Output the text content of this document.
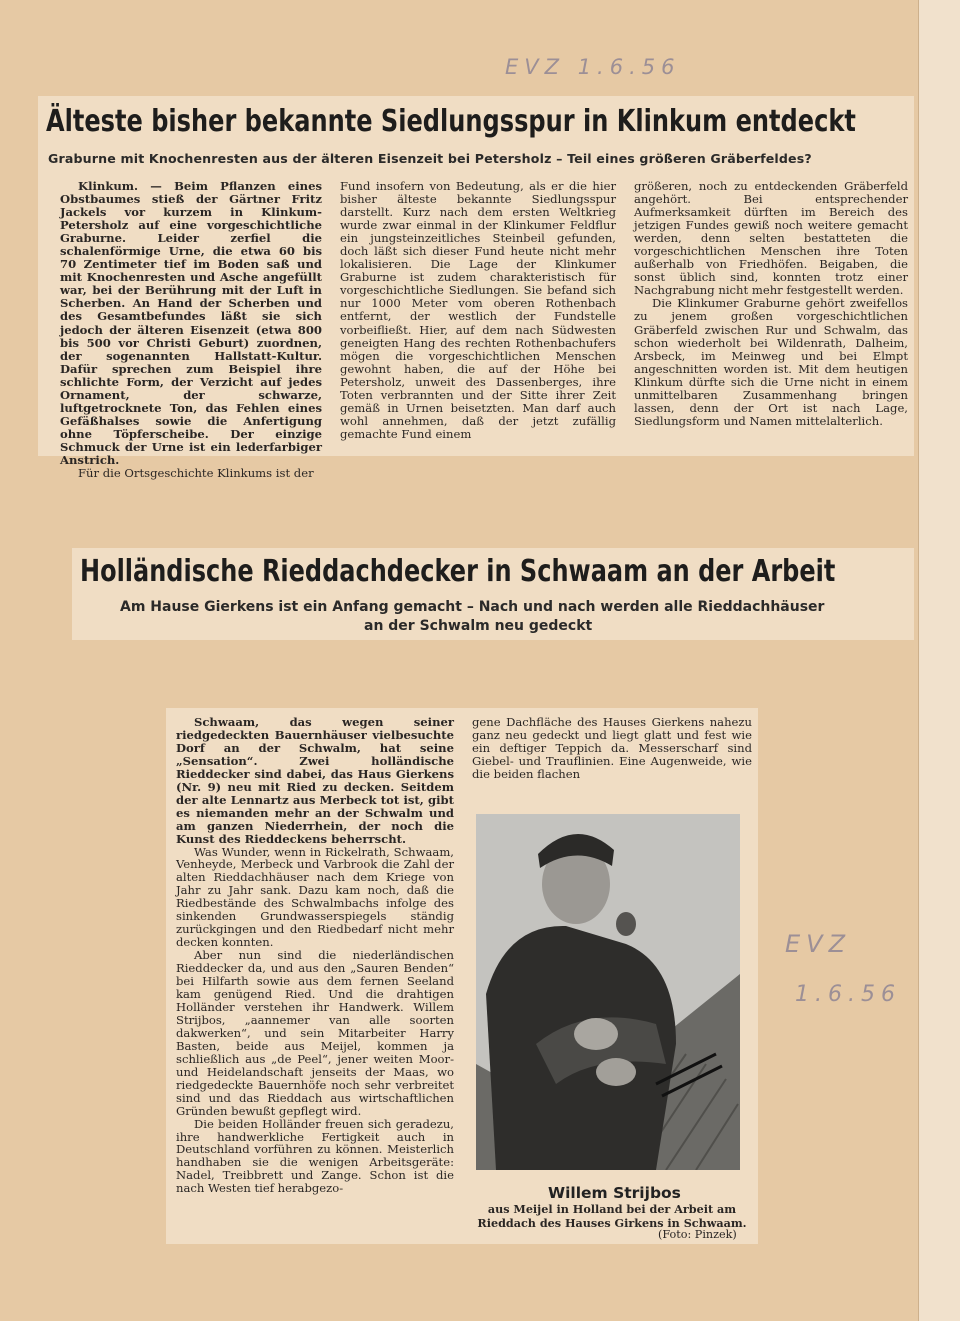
EVZ 1.6.56
EVZ
1.6.56
Älteste bisher bekannte Siedlungsspur in Klinkum entdeckt
Graburne mit Knochenresten aus der älteren Eisenzeit bei Petersholz – Teil eines größeren Gräberfeldes?

Klinkum. — Beim Pflanzen eines Obstbaumes stieß der Gärtner Fritz Jackels vor kurzem in Klinkum-Petersholz auf eine vorgeschichtliche Graburne. Leider zerfiel die schalenförmige Urne, die etwa 60 bis 70 Zentimeter tief im Boden saß und mit Knochenresten und Asche angefüllt war, bei der Berührung mit der Luft in Scherben. An Hand der Scherben und des Gesamtbefundes läßt sie sich jedoch der älteren Eisenzeit (etwa 800 bis 500 vor Christi Geburt) zuordnen, der sogenannten Hallstatt-Kultur. Dafür sprechen zum Beispiel ihre schlichte Form, der Verzicht auf jedes Ornament, der schwarze, luftgetrocknete Ton, das Fehlen eines Gefäßhalses sowie die Anfertigung ohne Töpferscheibe. Der einzige Schmuck der Urne ist ein lederfarbiger Anstrich.

Für die Ortsgeschichte Klinkums ist der

Fund insofern von Bedeutung, als er die hier bisher älteste bekannte Siedlungsspur darstellt. Kurz nach dem ersten Weltkrieg wurde zwar einmal in der Klinkumer Feldflur ein jungsteinzeitliches Steinbeil gefunden, doch läßt sich dieser Fund heute nicht mehr lokalisieren. Die Lage der Klinkumer Graburne ist zudem charakteristisch für vorgeschichtliche Siedlungen. Sie befand sich nur 1000 Meter vom oberen Rothenbach entfernt, der westlich der Fundstelle vorbeifließt. Hier, auf dem nach Südwesten geneigten Hang des rechten Rothenbachufers mögen die vorgeschichtlichen Menschen gewohnt haben, die auf der Höhe bei Petersholz, unweit des Dassenberges, ihre Toten verbrannten und der Sitte ihrer Zeit gemäß in Urnen beisetzten. Man darf auch wohl annehmen, daß der jetzt zufällig gemachte Fund einem

größeren, noch zu entdeckenden Gräberfeld angehört. Bei entsprechender Aufmerksamkeit dürften im Bereich des jetzigen Fundes gewiß noch weitere gemacht werden, denn selten bestatteten die vorgeschichtlichen Menschen ihre Toten außerhalb von Friedhöfen. Beigaben, die sonst üblich sind, konnten trotz einer Nachgrabung nicht mehr festgestellt werden.

Die Klinkumer Graburne gehört zweifellos zu jenem großen vorgeschichtlichen Gräberfeld zwischen Rur und Schwalm, das schon wiederholt bei Wildenrath, Dalheim, Arsbeck, im Meinweg und bei Elmpt angeschnitten worden ist. Mit dem heutigen Klinkum dürfte sich die Urne nicht in einem unmittelbaren Zusammenhang bringen lassen, denn der Ort ist nach Lage, Siedlungsform und Namen mittelalterlich.

Holländische Rieddachdecker in Schwaam an der Arbeit
Am Hause Gierkens ist ein Anfang gemacht – Nach und nach werden alle Rieddachhäuser
an der Schwalm neu gedeckt

Schwaam, das wegen seiner riedgedeckten Bauernhäuser vielbesuchte Dorf an der Schwalm, hat seine „Sensation“. Zwei holländische Rieddecker sind dabei, das Haus Gierkens (Nr. 9) neu mit Ried zu decken. Seitdem der alte Lennartz aus Merbeck tot ist, gibt es niemanden mehr an der Schwalm und am ganzen Niederrhein, der noch die Kunst des Rieddeckens beherrscht.

Was Wunder, wenn in Rickelrath, Schwaam, Venheyde, Merbeck und Varbrook die Zahl der alten Rieddachhäuser nach dem Kriege von Jahr zu Jahr sank. Dazu kam noch, daß die Riedbestände des Schwalmbachs infolge des sinkenden Grundwasserspiegels ständig zurückgingen und den Riedbedarf nicht mehr decken konnten.

Aber nun sind die niederländischen Rieddecker da, und aus den „Sauren Benden“ bei Hilfarth sowie aus dem fernen Seeland kam genügend Ried. Und die drahtigen Holländer verstehen ihr Handwerk. Willem Strijbos, „aannemer van alle soorten dakwerken“, und sein Mitarbeiter Harry Basten, beide aus Meijel, kommen ja schließlich aus „de Peel“, jener weiten Moor- und Heidelandschaft jenseits der Maas, wo riedgedeckte Bauernhöfe noch sehr verbreitet sind und das Rieddach aus wirtschaftlichen Gründen bewußt gepflegt wird.

Die beiden Holländer freuen sich geradezu, ihre handwerkliche Fertigkeit auch in Deutschland vorführen zu können. Meisterlich handhaben sie die wenigen Arbeitsgeräte: Nadel, Treibbrett und Zange. Schon ist die nach Westen tief herabgezo-

gene Dachfläche des Hauses Gierkens nahezu ganz neu gedeckt und liegt glatt und fest wie ein deftiger Teppich da. Messerscharf sind Giebel- und Trauflinien. Eine Augenweide, wie die beiden flachen

Willem Strijbos
aus Meijel in Holland bei der Arbeit am Rieddach des Hauses Girkens in Schwaam.
(Foto: Pinzek)
